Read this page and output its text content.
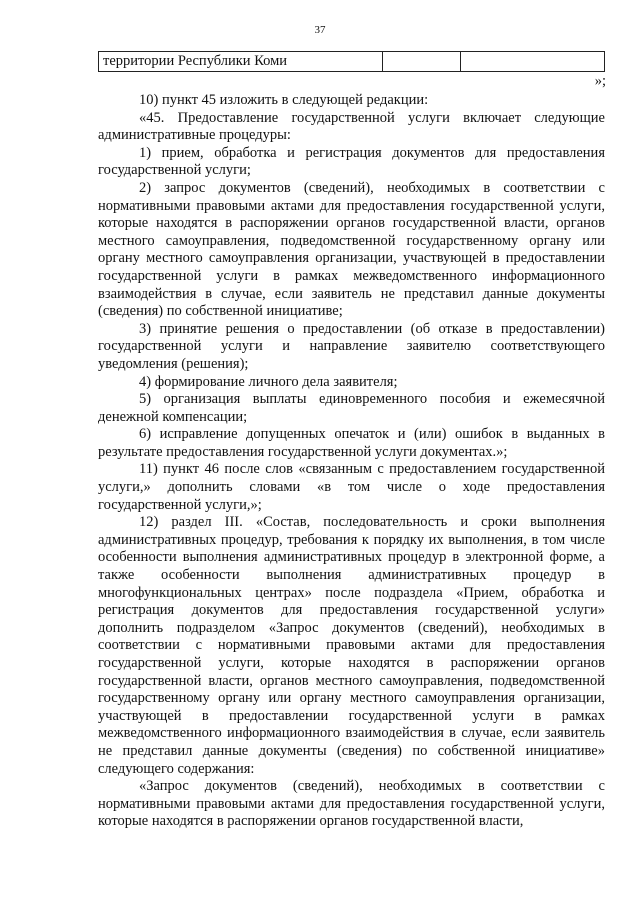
37
территории Республики Коми		
»;

10) пункт 45 изложить в следующей редакции:

«45. Предоставление государственной услуги включает следующие административные процедуры:

1) прием, обработка и регистрация документов для предоставления государственной услуги;

2) запрос документов (сведений), необходимых в соответствии с нормативными правовыми актами для предоставления государственной услуги, которые находятся в распоряжении органов государственной власти, органов местного самоуправления, подведомственной государственному органу или органу местного самоуправления организации, участвующей в предоставлении государственной услуги в рамках межведомственного информационного взаимодействия в случае, если заявитель не представил данные документы (сведения) по собственной инициативе;

3) принятие решения о предоставлении (об отказе в предоставлении) государственной услуги и направление заявителю соответствующего уведомления (решения);

4) формирование личного дела заявителя;

5) организация выплаты единовременного пособия и ежемесячной денежной компенсации;

6) исправление допущенных опечаток и (или) ошибок в выданных в результате предоставления государственной услуги документах.»;

11) пункт 46 после слов «связанным с предоставлением государственной услуги,» дополнить словами «в том числе о ходе предоставления государственной услуги,»;

12) раздел III. «Состав, последовательность и сроки выполнения административных процедур, требования к порядку их выполнения, в том числе особенности выполнения административных процедур в электронной форме, а также особенности выполнения административных процедур в многофункциональных центрах» после подраздела «Прием, обработка и регистрация документов для предоставления государственной услуги» дополнить подразделом «Запрос документов (сведений), необходимых в соответствии с нормативными правовыми актами для предоставления государственной услуги, которые находятся в распоряжении органов государственной власти, органов местного самоуправления, подведомственной государственному органу или органу местного самоуправления организации, участвующей в предоставлении государственной услуги в рамках межведомственного информационного взаимодействия в случае, если заявитель не представил данные документы (сведения) по собственной инициативе» следующего содержания:

«Запрос документов (сведений), необходимых в соответствии с нормативными правовыми актами для предоставления государственной услуги, которые находятся в распоряжении органов государственной власти,
